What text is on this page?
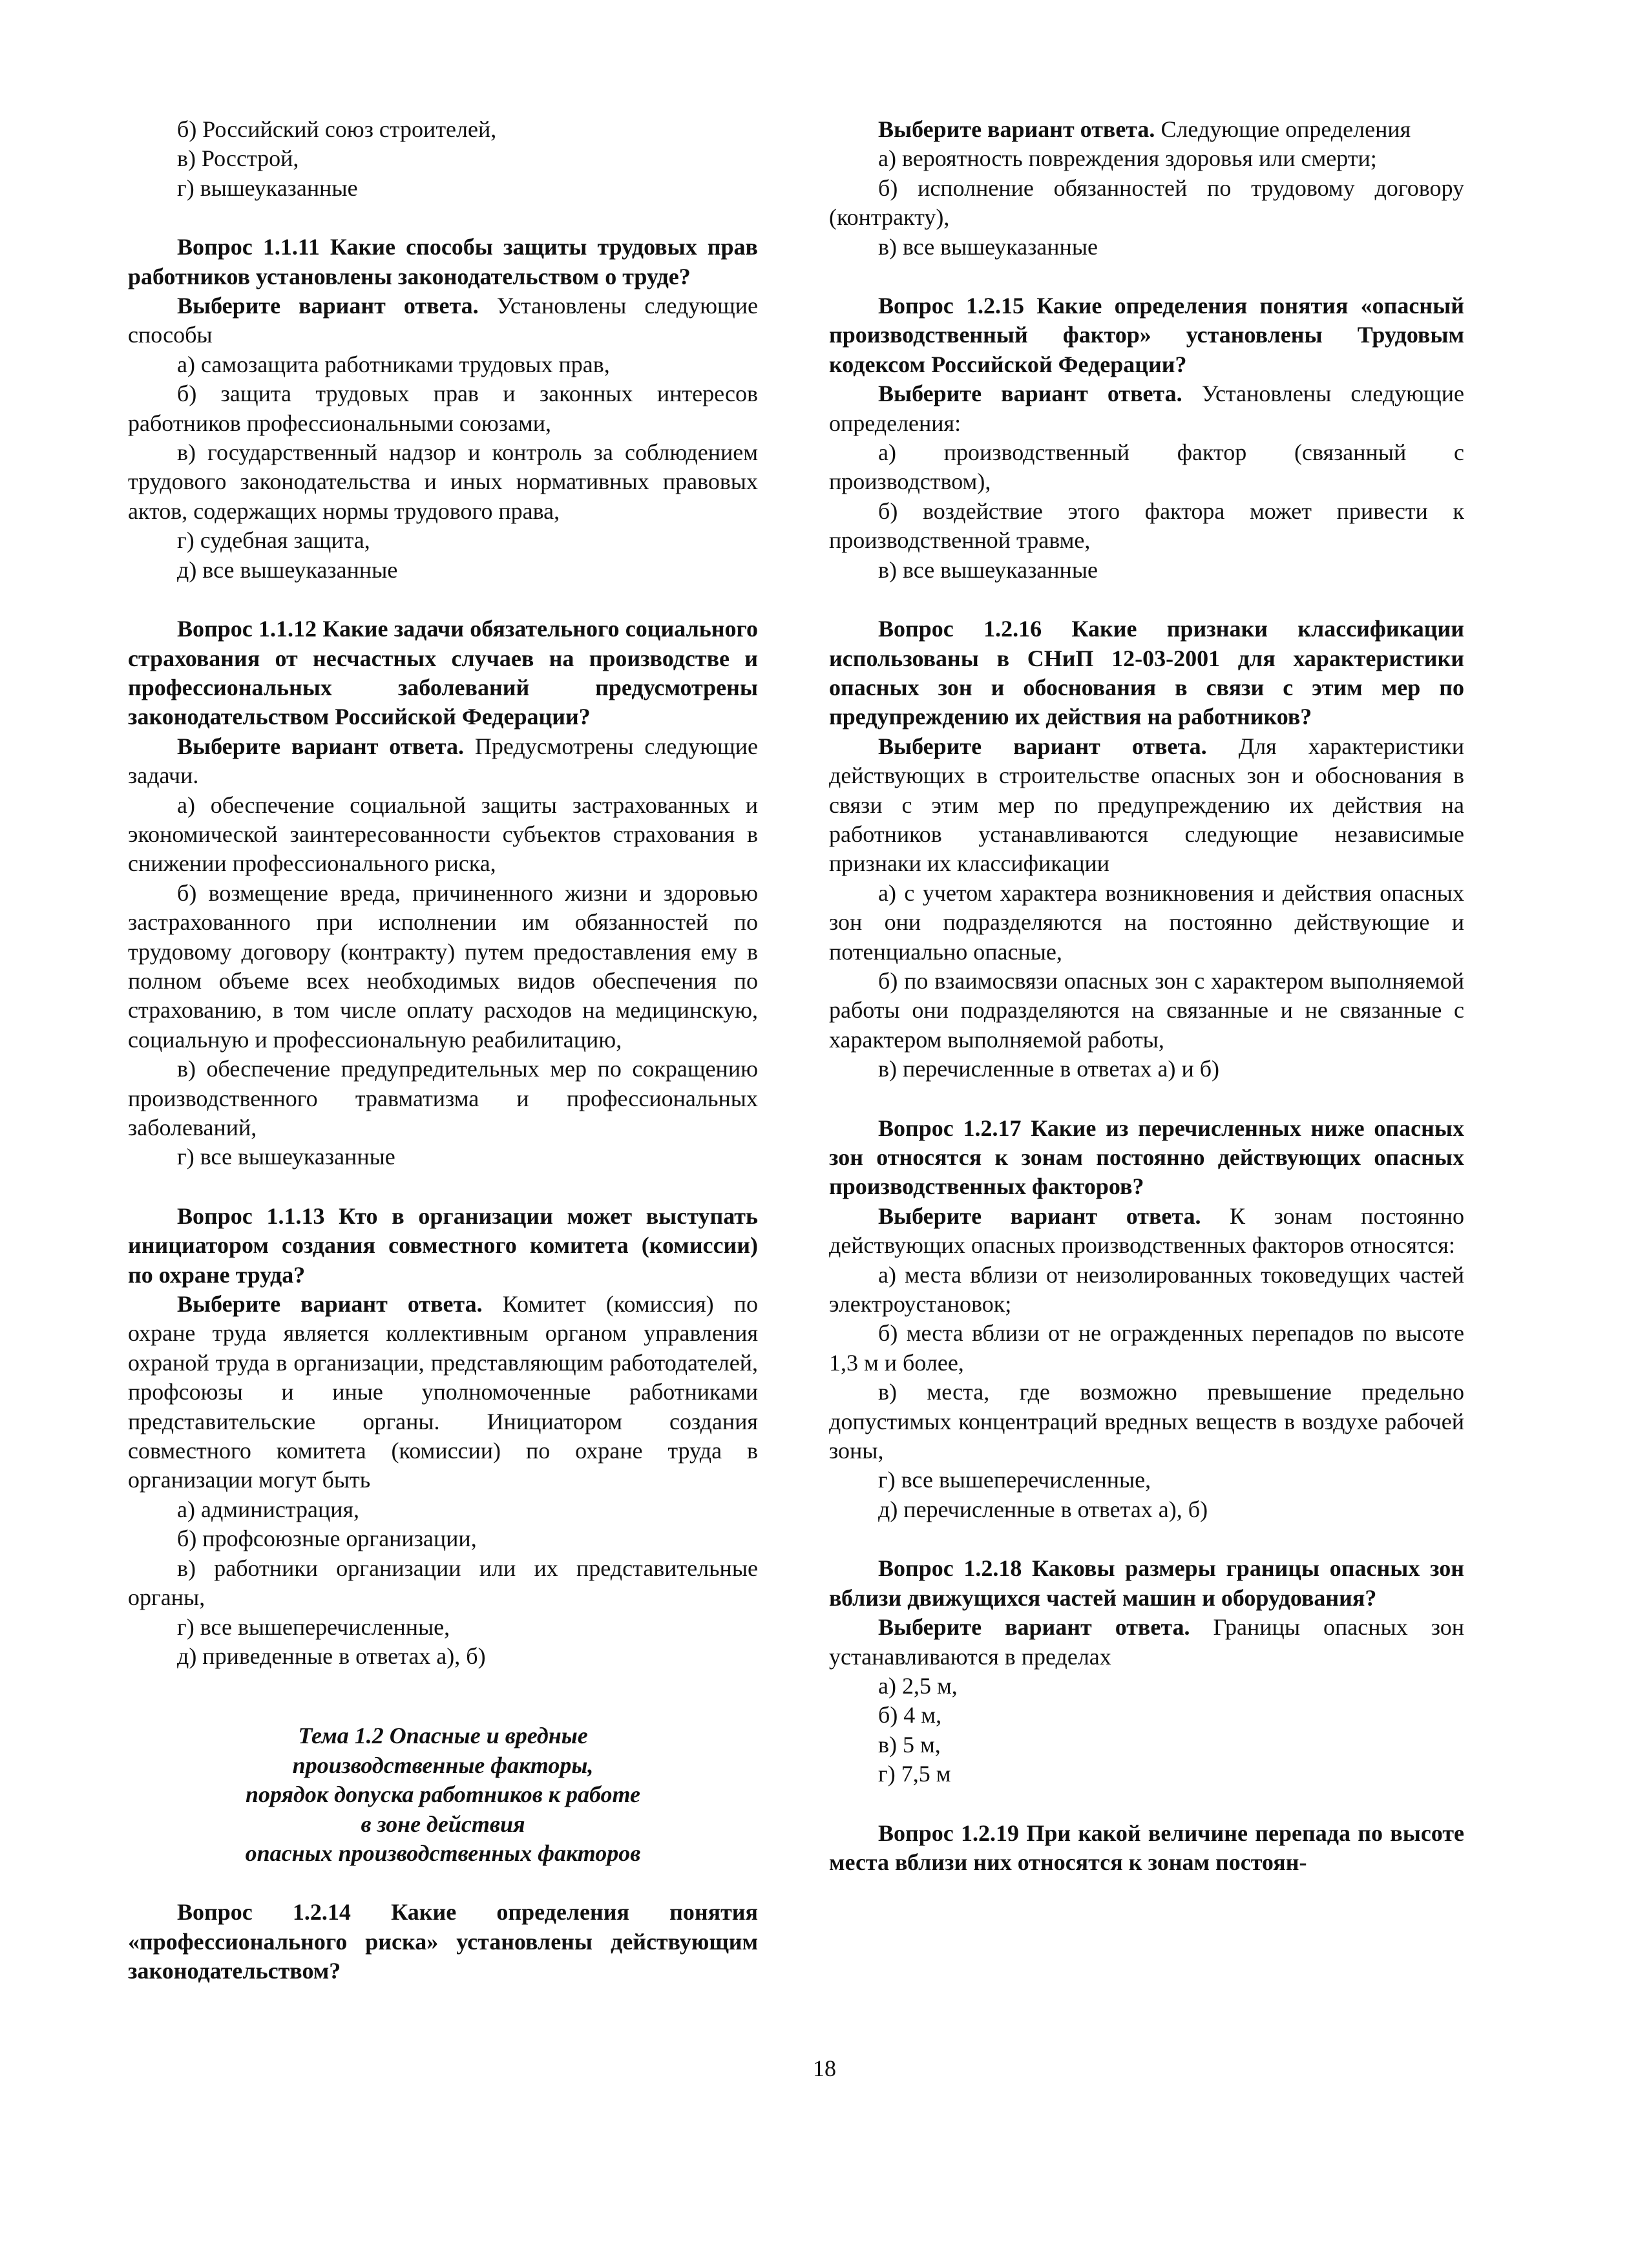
б) Российский союз строителей,

в) Росстрой,

г) вышеуказанные

Вопрос 1.1.11 Какие способы защиты трудовых прав работников установлены законодательством о труде?

Выберите вариант ответа. Установлены следующие способы

а) самозащита работниками трудовых прав,

б) защита трудовых прав и законных интересов работников профессиональными союзами,

в) государственный надзор и контроль за соблюдением трудового законодательства и иных нормативных правовых актов, содержащих нормы трудового права,

г) судебная защита,

д) все вышеуказанные

Вопрос 1.1.12 Какие задачи обязательного социального страхования от несчастных случаев на производстве и профессиональных заболеваний предусмотрены законодательством Российской Федерации?

Выберите вариант ответа. Предусмотрены следующие задачи.

а) обеспечение социальной защиты застрахованных и экономической заинтересованности субъектов страхования в снижении профессионального риска,

б) возмещение вреда, причиненного жизни и здоровью застрахованного при исполнении им обязанностей по трудовому договору (контракту) путем предоставления ему в полном объеме всех необходимых видов обеспечения по страхованию, в том числе оплату расходов на медицинскую, социальную и профессиональную реабилитацию,

в) обеспечение предупредительных мер по сокращению производственного травматизма и профессиональных заболеваний,

г) все вышеуказанные

Вопрос 1.1.13 Кто в организации может выступать инициатором создания совместного комитета (комиссии) по охране труда?

Выберите вариант ответа. Комитет (комиссия) по охране труда является коллективным органом управления охраной труда в организации, представляющим работодателей, профсоюзы и иные уполномоченные работниками представительские органы. Инициатором создания совместного комитета (комиссии) по охране труда в организации могут быть

а) администрация,

б) профсоюзные организации,

в) работники организации или их представительные органы,

г) все вышеперечисленные,

д) приведенные в ответах а), б)

Тема 1.2 Опасные и вредные
производственные факторы,
порядок допуска работников к работе
в зоне действия
опасных производственных факторов

Вопрос 1.2.14 Какие определения понятия «профессионального риска» установлены действующим законодательством?

Выберите вариант ответа. Следующие определения

а) вероятность повреждения здоровья или смерти;

б) исполнение обязанностей по трудовому договору (контракту),

в) все вышеуказанные

Вопрос 1.2.15 Какие определения понятия «опасный производственный фактор» установлены Трудовым кодексом Российской Федерации?

Выберите вариант ответа. Установлены следующие определения:

а) производственный фактор (связанный с производством),

б) воздействие этого фактора может привести к производственной травме,

в) все вышеуказанные

Вопрос 1.2.16 Какие признаки классификации использованы в СНиП 12-03-2001 для характеристики опасных зон и обоснования в связи с этим мер по предупреждению их действия на работников?

Выберите вариант ответа. Для характеристики действующих в строительстве опасных зон и обоснования в связи с этим мер по предупреждению их действия на работников устанавливаются следующие независимые признаки их классификации

а) с учетом характера возникновения и действия опасных зон они подразделяются на постоянно действующие и потенциально опасные,

б) по взаимосвязи опасных зон с характером выполняемой работы они подразделяются на связанные и не связанные с характером выполняемой работы,

в) перечисленные в ответах а) и б)

Вопрос 1.2.17 Какие из перечисленных ниже опасных зон относятся к зонам постоянно действующих опасных производственных факторов?

Выберите вариант ответа. К зонам постоянно действующих опасных производственных факторов относятся:

а) места вблизи от неизолированных токоведущих частей электроустановок;

б) места вблизи от не огражденных перепадов по высоте 1,3 м и более,

в) места, где возможно превышение предельно допустимых концентраций вредных веществ в воздухе рабочей зоны,

г) все вышеперечисленные,

д) перечисленные в ответах а), б)

Вопрос 1.2.18 Каковы размеры границы опасных зон вблизи движущихся частей машин и оборудования?

Выберите вариант ответа. Границы опасных зон устанавливаются в пределах

а) 2,5 м,

б) 4 м,

в) 5 м,

г) 7,5 м

Вопрос 1.2.19 При какой величине перепада по высоте места вблизи них относятся к зонам постоян-

18
